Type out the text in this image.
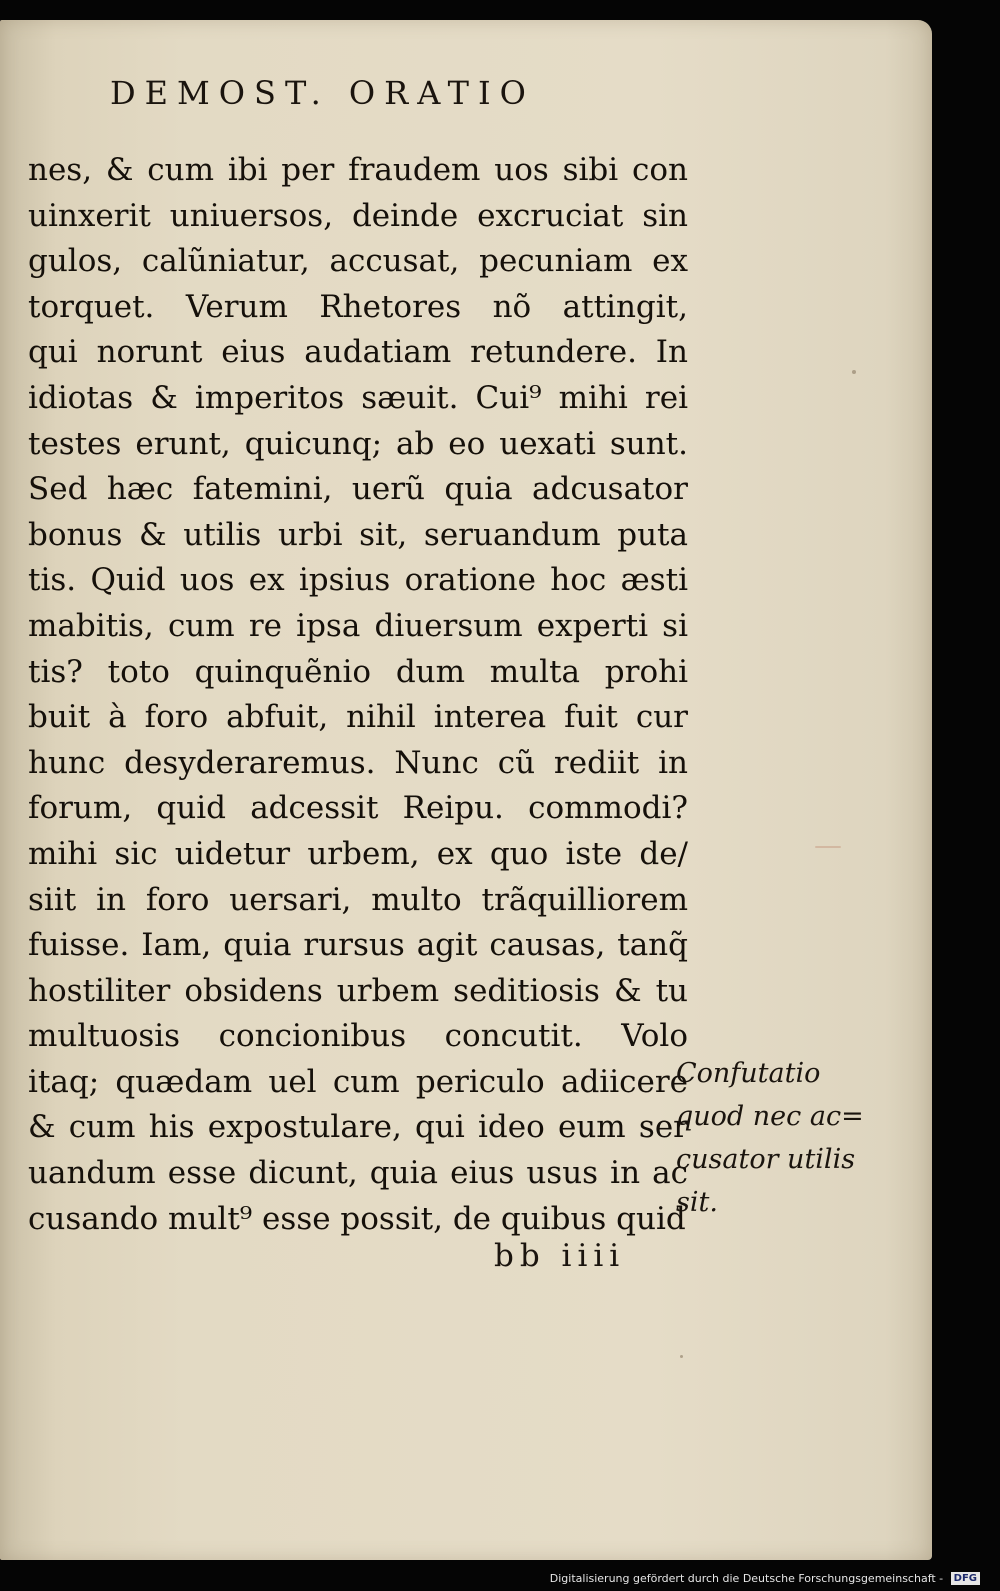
DEMOST. ORATIO
nes, & cum ibi per fraudem uos sibi con
uinxerit uniuersos, deinde excruciat sin
gulos, calũniatur, accusat, pecuniam ex
torquet. Verum Rhetores nõ attingit,
qui norunt eius audatiam retundere. In
idiotas & imperitos sæuit. Cui⁹ mihi rei
testes erunt, quicunq; ab eo uexati sunt.
Sed hæc fatemini, uerũ quia adcusator
bonus & utilis urbi sit, seruandum puta
tis. Quid uos ex ipsius oratione hoc æsti
mabitis, cum re ipsa diuersum experti si
tis? toto quinquẽnio dum multa prohi
buit à foro abfuit, nihil interea fuit cur
hunc desyderaremus. Nunc cũ rediit in
forum, quid adcessit Reipu. commodi?
mihi sic uidetur urbem, ex quo iste de/
siit in foro uersari, multo trãquilliorem
fuisse. Iam, quia rursus agit causas, tanq̃
hostiliter obsidens urbem seditiosis & tu
multuosis concionibus concutit. Volo
itaq; quædam uel cum periculo adiicere
& cum his expostulare, qui ideo eum ser
uandum esse dicunt, quia eius usus in ac
cusando mult⁹ esse possit, de quibus quid
Confutatio
quod nec ac=
cusator utilis
sit.
bb iiii
Digitalisierung gefördert durch die Deutsche Forschungsgemeinschaft - DFG
